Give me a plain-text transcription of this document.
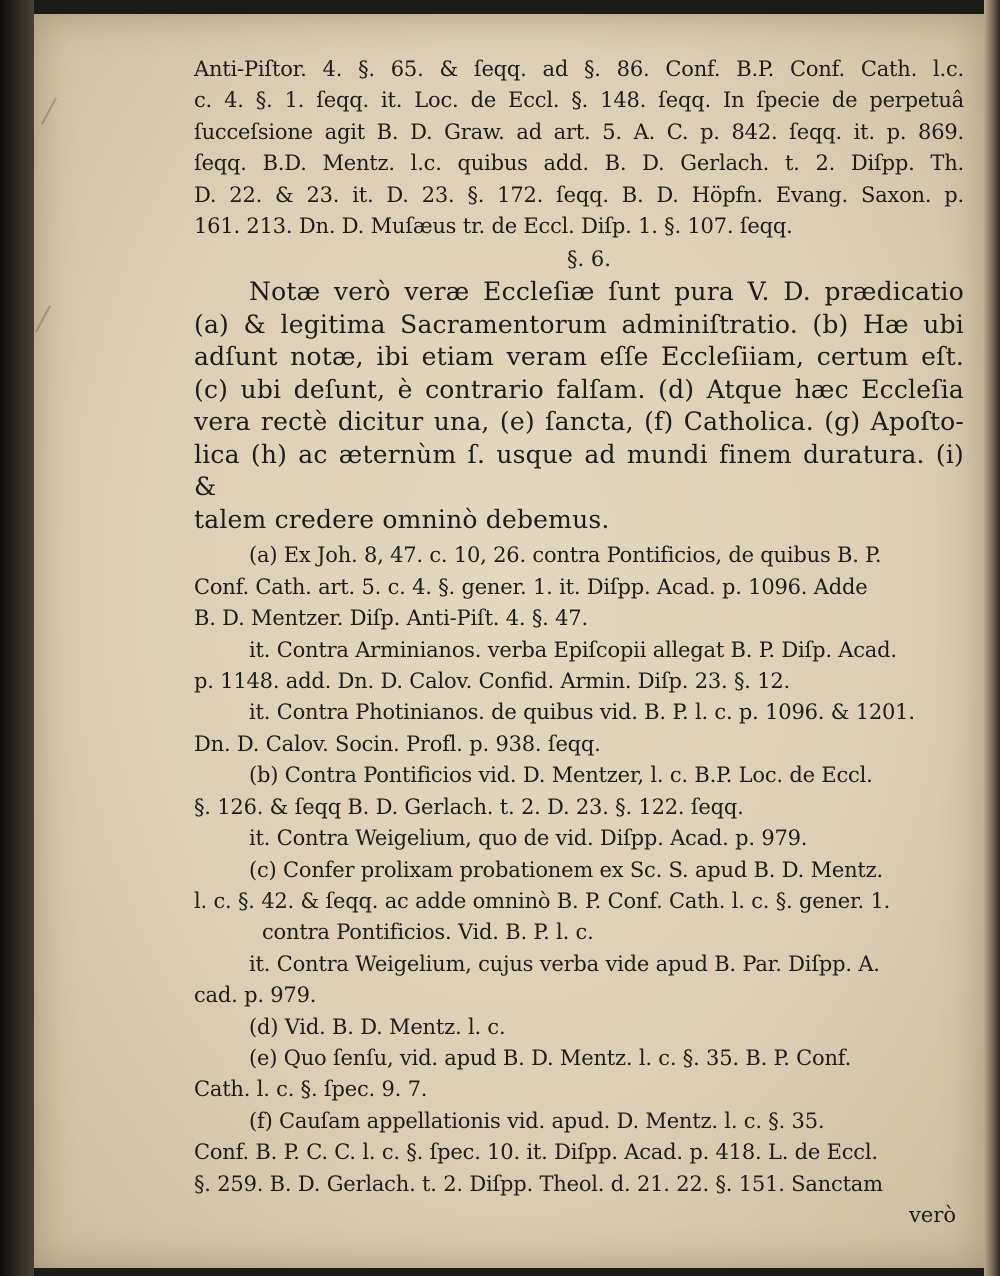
Anti-Piſtor. 4. §. 65. & ſeqq. ad §. 86. Conf. B.P. Conf. Cath. l.c.
c. 4. §. 1. ſeqq. it. Loc. de Eccl. §. 148. ſeqq. In ſpecie de perpetuâ
ſucceſsione agit B. D. Graw. ad art. 5. A. C. p. 842. ſeqq. it. p. 869.
ſeqq. B.D. Mentz. l.c. quibus add. B. D. Gerlach. t. 2. Diſpp. Th.
D. 22. & 23. it. D. 23. §. 172. ſeqq. B. D. Höpfn. Evang. Saxon. p.
161. 213. Dn. D. Muſæus tr. de Eccl. Diſp. 1. §. 107. ſeqq.
§. 6.
Notæ verò veræ Eccleſiæ ſunt pura V. D. prædicatio
(a) & legitima Sacramentorum adminiſtratio. (b) Hæ ubi
adſunt notæ, ibi etiam veram eſſe Eccleſiiam, certum eſt.
(c) ubi deſunt, è contrario falſam. (d) Atque hæc Eccleſia
vera rectè dicitur una, (e) ſancta, (f) Catholica. (g) Apoſto-
lica (h) ac æternùm ſ. usque ad mundi finem duratura. (i) &
talem credere omninò debemus.
(a) Ex Joh. 8, 47. c. 10, 26. contra Pontificios, de quibus B. P.
Conf. Cath. art. 5. c. 4. §. gener. 1. it. Diſpp. Acad. p. 1096. Adde
B. D. Mentzer. Diſp. Anti-Piſt. 4. §. 47.
it. Contra Arminianos. verba Epiſcopii allegat B. P. Diſp. Acad.
p. 1148. add. Dn. D. Calov. Confid. Armin. Diſp. 23. §. 12.
it. Contra Photinianos. de quibus vid. B. P. l. c. p. 1096. & 1201.
Dn. D. Calov. Socin. Profl. p. 938. ſeqq.
(b) Contra Pontificios vid. D. Mentzer, l. c. B.P. Loc. de Eccl.
§. 126. & ſeqq B. D. Gerlach. t. 2. D. 23. §. 122. ſeqq.
it. Contra Weigelium, quo de vid. Diſpp. Acad. p. 979.
(c) Confer prolixam probationem ex Sc. S. apud B. D. Mentz.
l. c. §. 42. & ſeqq. ac adde omninò B. P. Conf. Cath. l. c. §. gener. 1.
contra Pontificios. Vid. B. P. l. c.
it. Contra Weigelium, cujus verba vide apud B. Par. Diſpp. A.
cad. p. 979.
(d) Vid. B. D. Mentz. l. c.
(e) Quo ſenſu, vid. apud B. D. Mentz. l. c. §. 35. B. P. Conf.
Cath. l. c. §. ſpec. 9. 7.
(f) Cauſam appellationis vid. apud. D. Mentz. l. c. §. 35.
Conf. B. P. C. C. l. c. §. ſpec. 10. it. Diſpp. Acad. p. 418. L. de Eccl.
§. 259. B. D. Gerlach. t. 2. Diſpp. Theol. d. 21. 22. §. 151. Sanctam
verò
